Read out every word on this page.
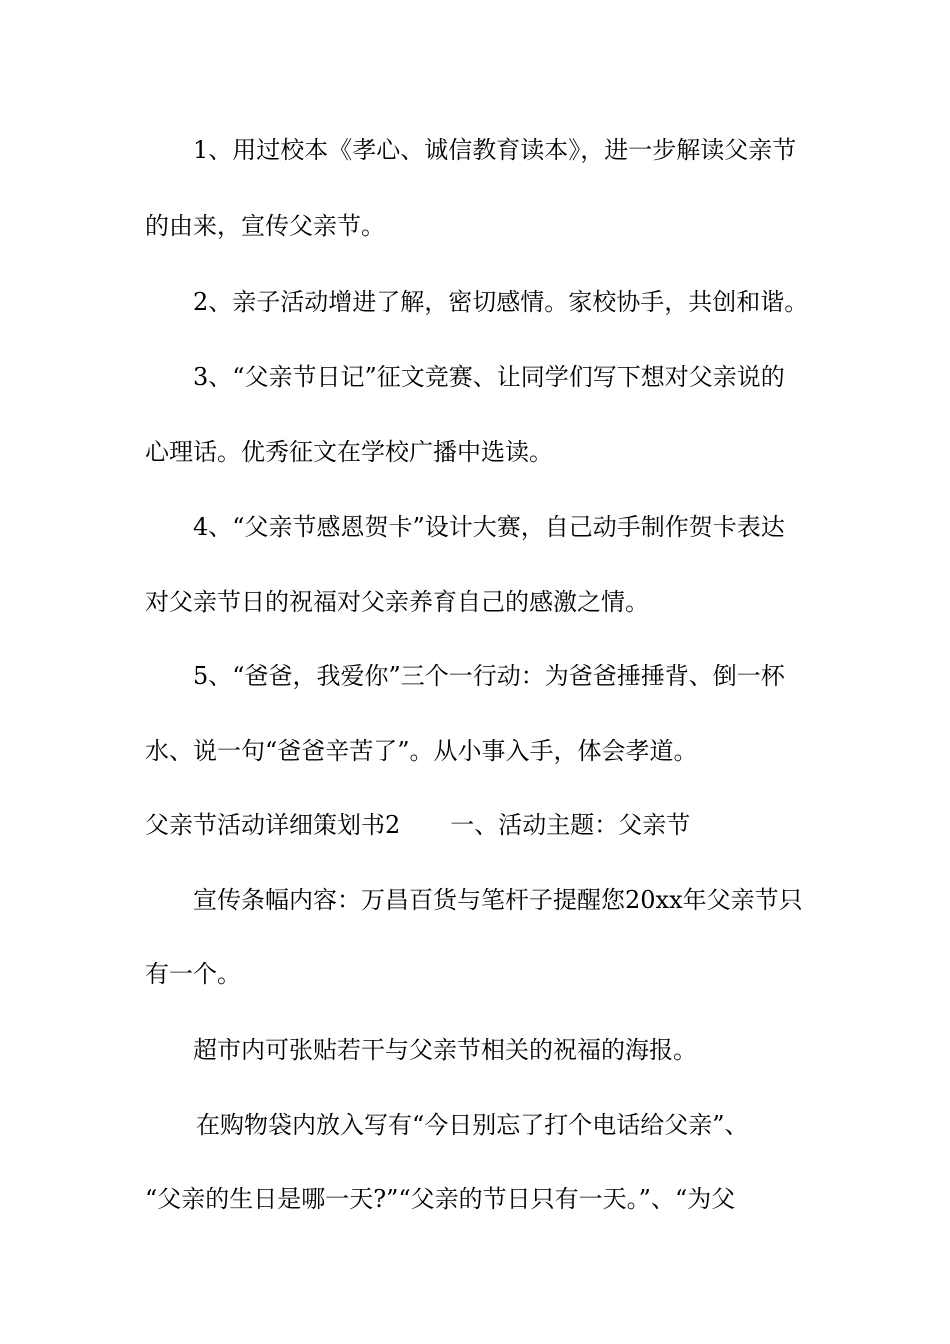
1、用过校本《孝心、诚信教育读本》，进一步解读父亲节

的由来，宣传父亲节。

2、亲子活动增进了解，密切感情。家校协手，共创和谐。

3、“父亲节日记”征文竞赛、让同学们写下想对父亲说的

心理话。优秀征文在学校广播中选读。

4、“父亲节感恩贺卡”设计大赛，自己动手制作贺卡表达

对父亲节日的祝福对父亲养育自己的感激之情。

5、“爸爸，我爱你”三个一行动：为爸爸捶捶背、倒一杯

水、说一句“爸爸辛苦了”。从小事入手，体会孝道。

父亲节活动详细策划书2 一、活动主题：父亲节

宣传条幅内容：万昌百货与笔杆子提醒您20xx年父亲节只

有一个。

超市内可张贴若干与父亲节相关的祝福的海报。

在购物袋内放入写有“今日别忘了打个电话给父亲”、

“父亲的生日是哪一天?”“父亲的节日只有一天。”、“为父
